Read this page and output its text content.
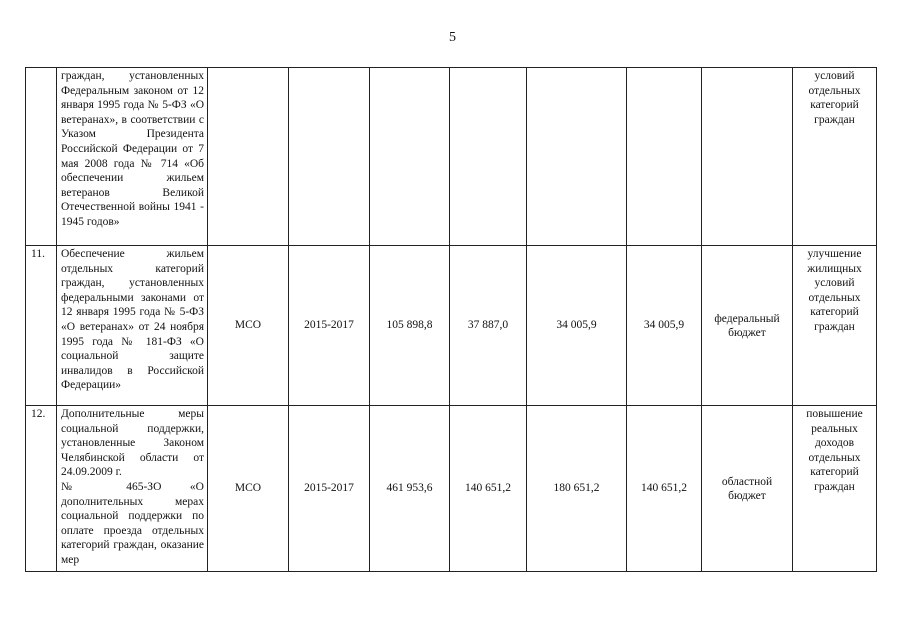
5

	граждан, установленных Федеральным законом от 12 января 1995 года № 5-ФЗ «О ветеранах», в соответствии с Указом Президента Российской Федерации от 7 мая 2008 года № 714 «Об обеспечении жильем ветеранов Великой Отечественной войны 1941 - 1945 годов»								условий отдельных категорий граждан
11.	Обеспечение жильем отдельных категорий граждан, установленных федеральными законами от 12 января 1995 года № 5-ФЗ «О ветеранах» от 24 ноября 1995 года № 181-ФЗ «О социальной защите инвалидов в Российской Федерации»	МСО	2015-2017	105 898,8	37 887,0	34 005,9	34 005,9	федеральный бюджет	улучшение жилищных условий отдельных категорий граждан
12.	Дополнительные меры социальной поддержки, установленные Законом Челябинской области от 24.09.2009 г.

№ 465-ЗО «О дополнительных мерах социальной поддержки по оплате проезда отдельных категорий граждан, оказание мер	МСО	2015-2017	461 953,6	140 651,2	180 651,2	140 651,2	областной бюджет	повышение реальных доходов отдельных категорий граждан
